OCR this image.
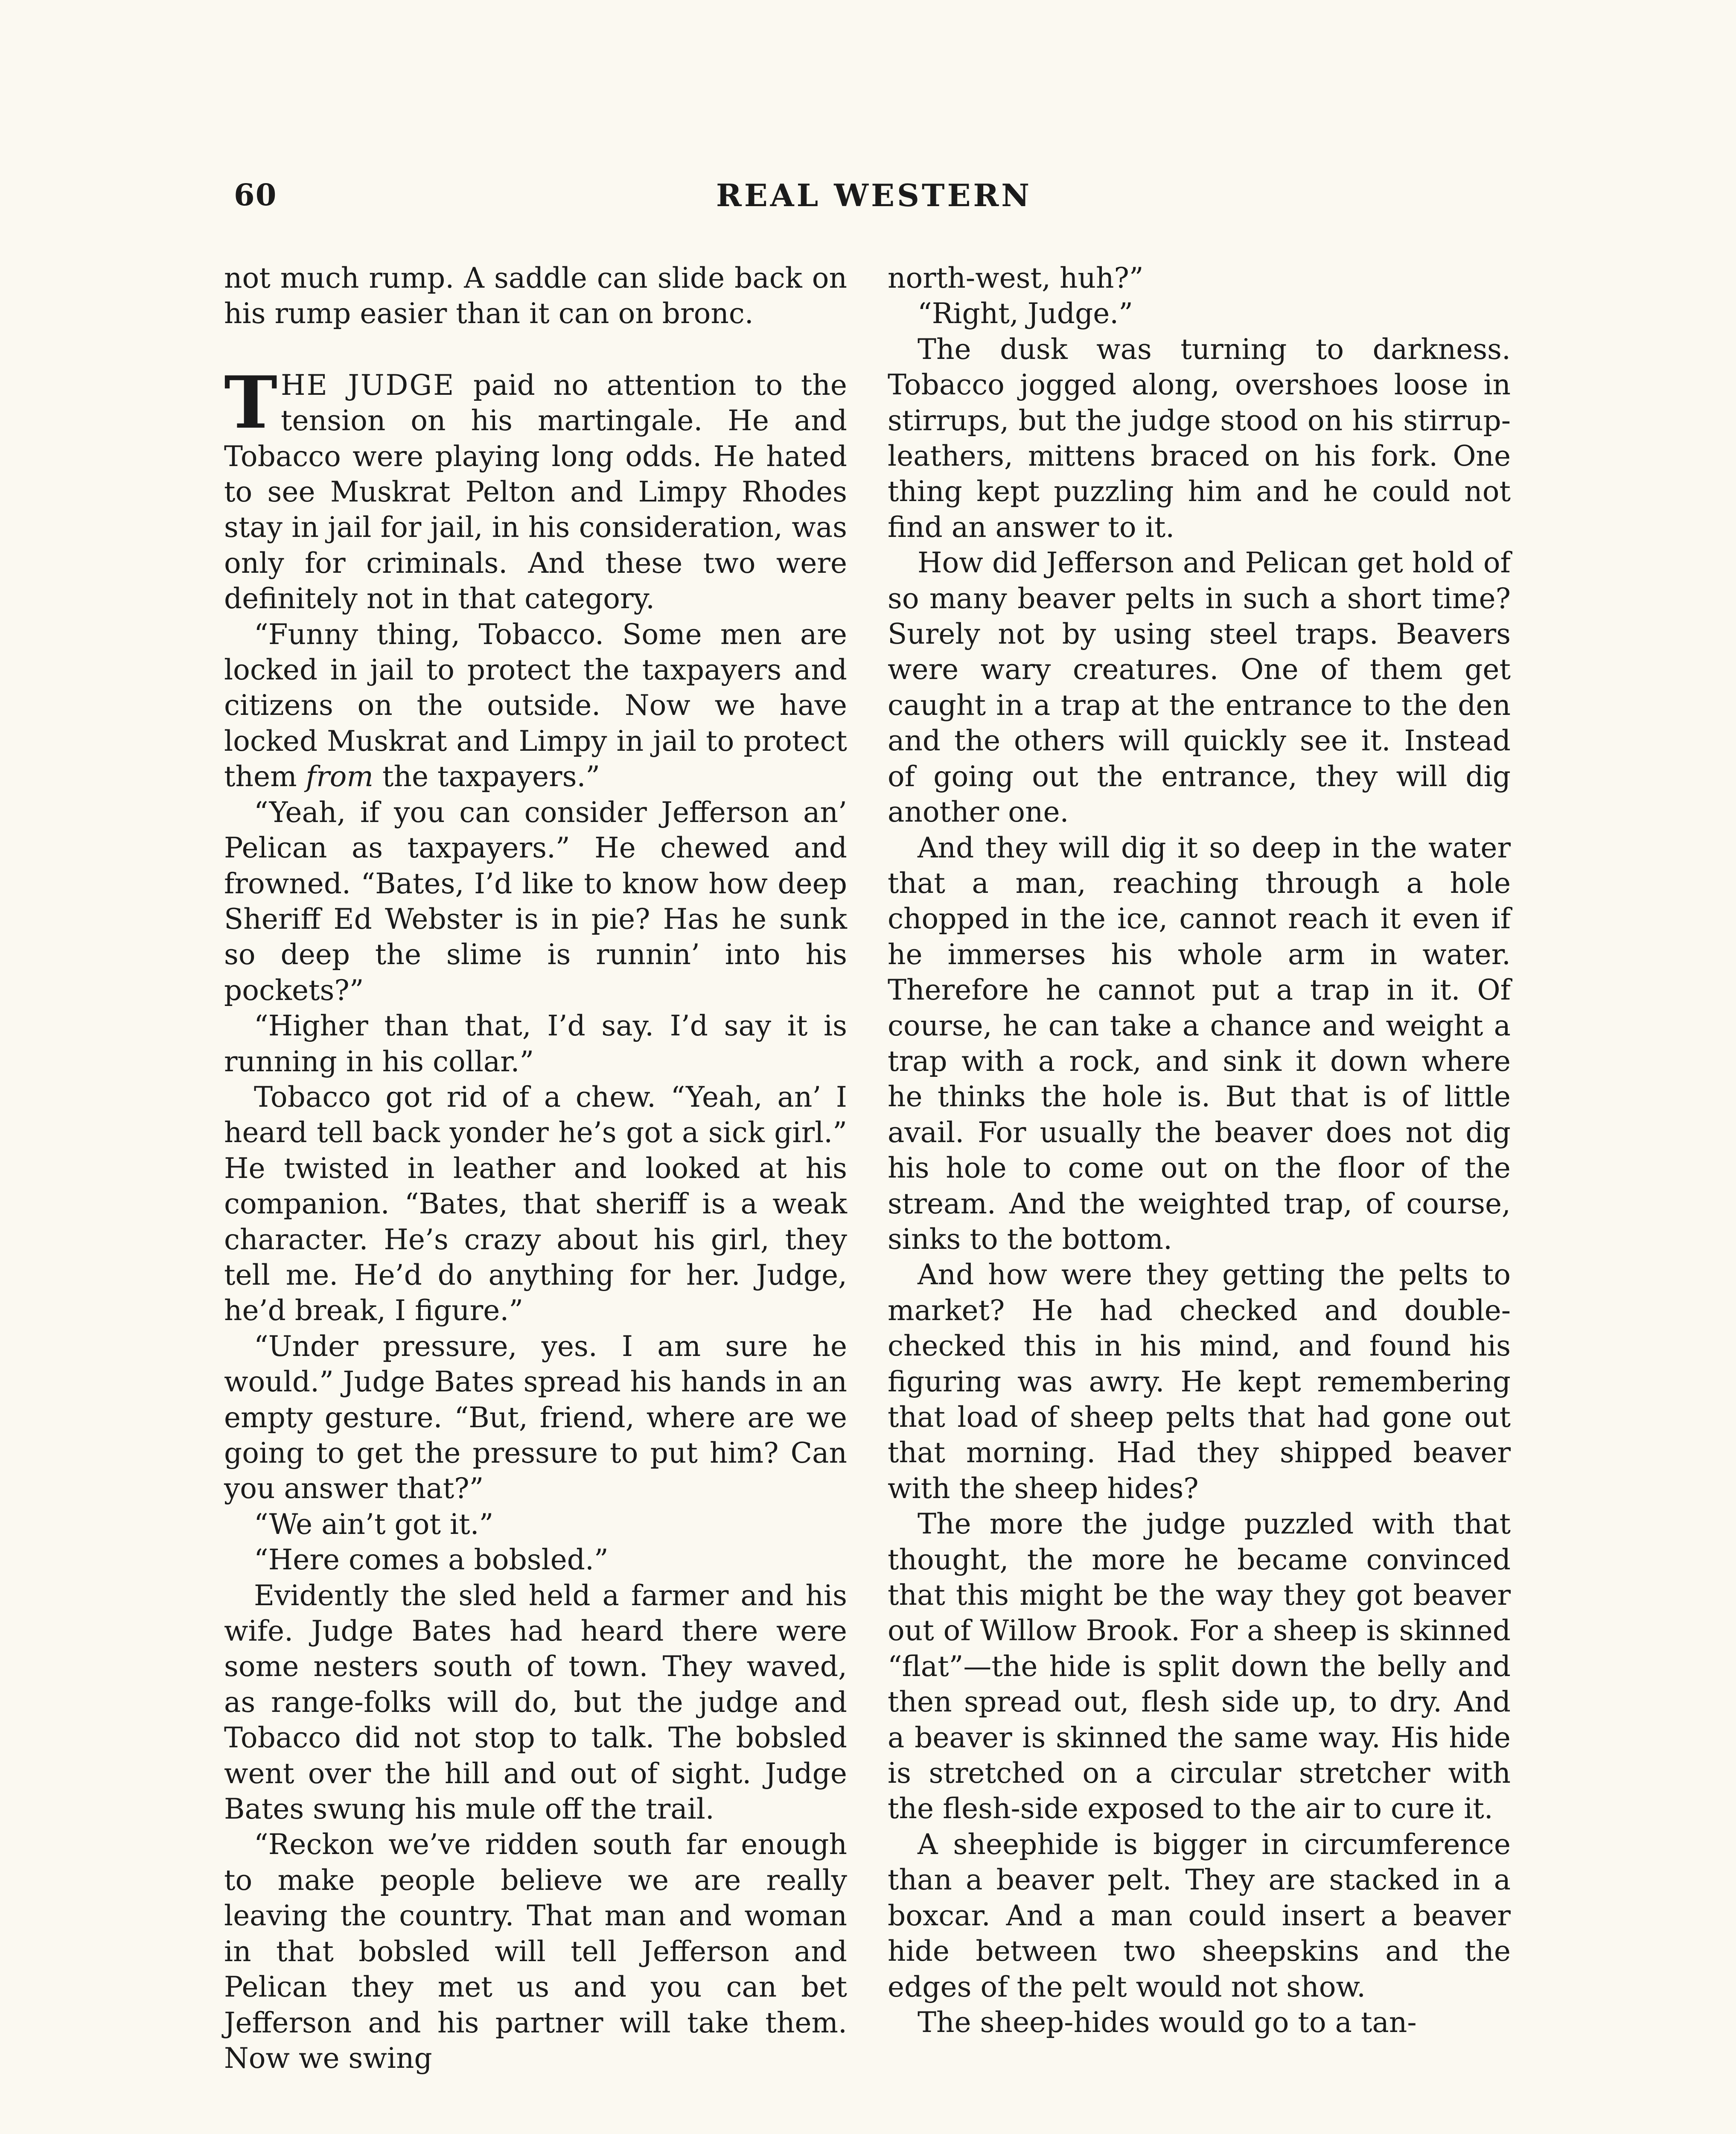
60	REAL WESTERN

not much rump. A saddle can slide back on his rump easier than it can on bronc.

THE JUDGE paid no attention to the tension on his martingale. He and Tobacco were playing long odds. He hated to see Muskrat Pelton and Limpy Rhodes stay in jail for jail, in his consideration, was only for criminals. And these two were definitely not in that category.

“Funny thing, Tobacco. Some men are locked in jail to protect the taxpayers and citizens on the outside. Now we have locked Muskrat and Limpy in jail to protect them from the taxpayers.”

“Yeah, if you can consider Jefferson an’ Pelican as taxpayers.” He chewed and frowned. “Bates, I’d like to know how deep Sheriff Ed Webster is in pie? Has he sunk so deep the slime is runnin’ into his pockets?”

“Higher than that, I’d say. I’d say it is running in his collar.”

Tobacco got rid of a chew. “Yeah, an’ I heard tell back yonder he’s got a sick girl.” He twisted in leather and looked at his companion. “Bates, that sheriff is a weak character. He’s crazy about his girl, they tell me. He’d do anything for her. Judge, he’d break, I figure.”

“Under pressure, yes. I am sure he would.” Judge Bates spread his hands in an empty gesture. “But, friend, where are we going to get the pressure to put him? Can you answer that?”

“We ain’t got it.”

“Here comes a bobsled.”

Evidently the sled held a farmer and his wife. Judge Bates had heard there were some nesters south of town. They waved, as range-folks will do, but the judge and Tobacco did not stop to talk. The bobsled went over the hill and out of sight. Judge Bates swung his mule off the trail.

“Reckon we’ve ridden south far enough to make people believe we are really leaving the country. That man and woman in that bobsled will tell Jefferson and Pelican they met us and you can bet Jefferson and his partner will take them. Now we swing

north-west, huh?”

“Right, Judge.”

The dusk was turning to darkness. Tobacco jogged along, overshoes loose in stirrups, but the judge stood on his stirrup-leathers, mittens braced on his fork. One thing kept puzzling him and he could not find an answer to it.

How did Jefferson and Pelican get hold of so many beaver pelts in such a short time? Surely not by using steel traps. Beavers were wary creatures. One of them get caught in a trap at the entrance to the den and the others will quickly see it. Instead of going out the entrance, they will dig another one.

And they will dig it so deep in the water that a man, reaching through a hole chopped in the ice, cannot reach it even if he immerses his whole arm in water. Therefore he cannot put a trap in it. Of course, he can take a chance and weight a trap with a rock, and sink it down where he thinks the hole is. But that is of little avail. For usually the beaver does not dig his hole to come out on the floor of the stream. And the weighted trap, of course, sinks to the bottom.

And how were they getting the pelts to market? He had checked and double-checked this in his mind, and found his figuring was awry. He kept remembering that load of sheep pelts that had gone out that morning. Had they shipped beaver with the sheep hides?

The more the judge puzzled with that thought, the more he became convinced that this might be the way they got beaver out of Willow Brook. For a sheep is skinned “flat”—the hide is split down the belly and then spread out, flesh side up, to dry. And a beaver is skinned the same way. His hide is stretched on a circular stretcher with the flesh-side exposed to the air to cure it.

A sheephide is bigger in circumference than a beaver pelt. They are stacked in a boxcar. And a man could insert a beaver hide between two sheepskins and the edges of the pelt would not show.

The sheep-hides would go to a tan-
